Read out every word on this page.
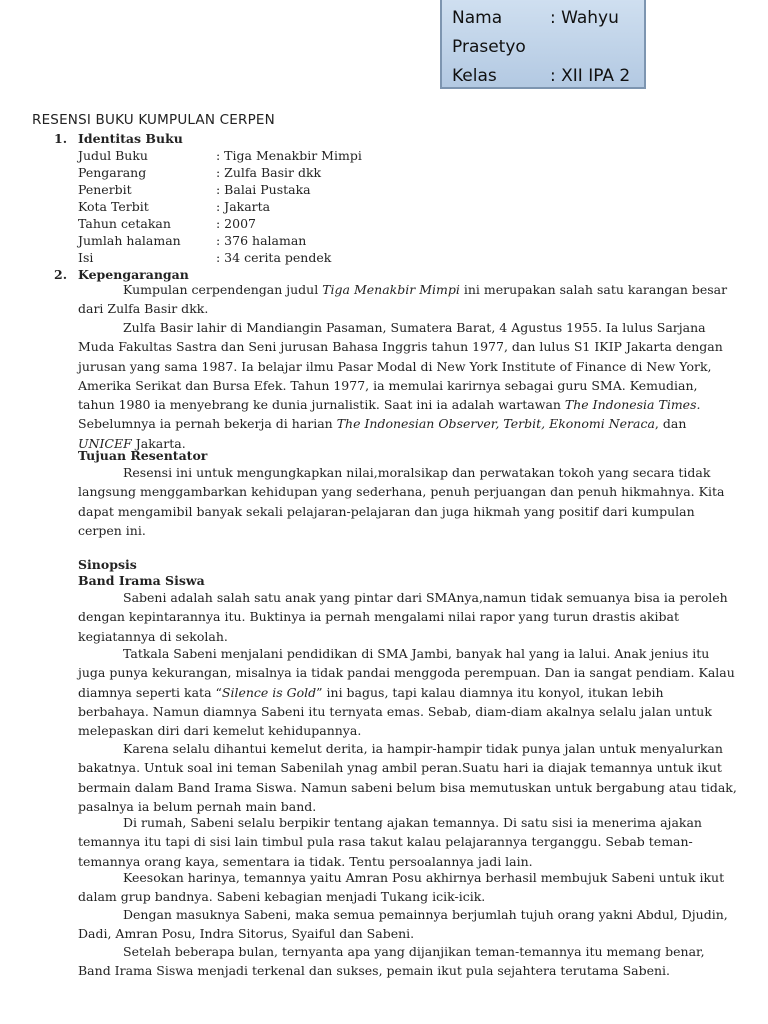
Nama	: Wahyu
Prasetyo
Kelas	: XII IPA 2
RESENSI BUKU KUMPULAN CERPEN
1. Identitas Buku
Judul Buku	: Tiga Menakbir Mimpi
Pengarang	: Zulfa Basir dkk
Penerbit	: Balai Pustaka
Kota Terbit	: Jakarta
Tahun cetakan	: 2007
Jumlah halaman	: 376 halaman
Isi	: 34 cerita pendek
2. Kepengarangan
Kumpulan cerpendengan judul Tiga Menakbir Mimpi ini merupakan salah satu karangan besar dari Zulfa Basir dkk.
Zulfa Basir lahir di Mandiangin Pasaman, Sumatera Barat, 4 Agustus 1955. Ia lulus Sarjana Muda Fakultas Sastra dan Seni jurusan Bahasa Inggris tahun 1977, dan lulus S1 IKIP Jakarta dengan jurusan yang sama 1987. Ia belajar ilmu Pasar Modal di New York Institute of Finance di New York, Amerika Serikat dan Bursa Efek. Tahun 1977, ia memulai karirnya sebagai guru SMA. Kemudian, tahun 1980 ia menyebrang ke dunia jurnalistik. Saat ini ia adalah wartawan The Indonesia Times. Sebelumnya ia pernah bekerja di harian The Indonesian Observer, Terbit, Ekonomi Neraca, dan UNICEF Jakarta.
Tujuan Resentator
Resensi ini untuk mengungkapkan nilai,moralsikap dan perwatakan tokoh yang secara tidak langsung menggambarkan kehidupan yang sederhana, penuh perjuangan dan penuh hikmahnya. Kita dapat mengamibil banyak sekali pelajaran-pelajaran dan juga hikmah yang positif dari kumpulan cerpen ini.
Sinopsis
Band Irama Siswa
Sabeni adalah salah satu anak yang pintar dari SMAnya,namun tidak semuanya bisa ia peroleh dengan kepintarannya itu. Buktinya ia pernah mengalami nilai rapor yang turun drastis akibat kegiatannya di sekolah.
Tatkala Sabeni menjalani pendidikan di SMA Jambi, banyak hal yang ia lalui. Anak jenius itu juga punya kekurangan, misalnya ia tidak pandai menggoda perempuan. Dan ia sangat pendiam. Kalau diamnya seperti kata “Silence is Gold” ini bagus, tapi kalau diamnya itu konyol, itukan lebih berbahaya. Namun diamnya Sabeni itu ternyata emas. Sebab, diam-diam akalnya selalu jalan untuk melepaskan diri dari kemelut kehidupannya.
Karena selalu dihantui kemelut derita, ia hampir-hampir tidak punya jalan untuk menyalurkan bakatnya. Untuk soal ini teman Sabenilah ynag ambil peran.Suatu hari ia diajak temannya untuk ikut bermain dalam Band Irama Siswa. Namun sabeni belum bisa memutuskan untuk bergabung atau tidak, pasalnya ia belum pernah main band.
Di rumah, Sabeni selalu berpikir tentang ajakan temannya. Di satu sisi ia menerima ajakan temannya itu tapi di sisi lain timbul pula rasa takut kalau pelajarannya terganggu. Sebab teman-temannya orang kaya, sementara ia tidak. Tentu persoalannya jadi lain.
Keesokan harinya, temannya yaitu Amran Posu akhirnya berhasil membujuk Sabeni untuk ikut dalam grup bandnya. Sabeni kebagian menjadi Tukang icik-icik.
Dengan masuknya Sabeni, maka semua pemainnya berjumlah tujuh orang yakni Abdul, Djudin, Dadi, Amran Posu, Indra Sitorus, Syaiful dan Sabeni.
Setelah beberapa bulan, ternyanta apa yang dijanjikan teman-temannya itu memang benar, Band Irama Siswa menjadi terkenal dan sukses, pemain ikut pula sejahtera terutama Sabeni.
